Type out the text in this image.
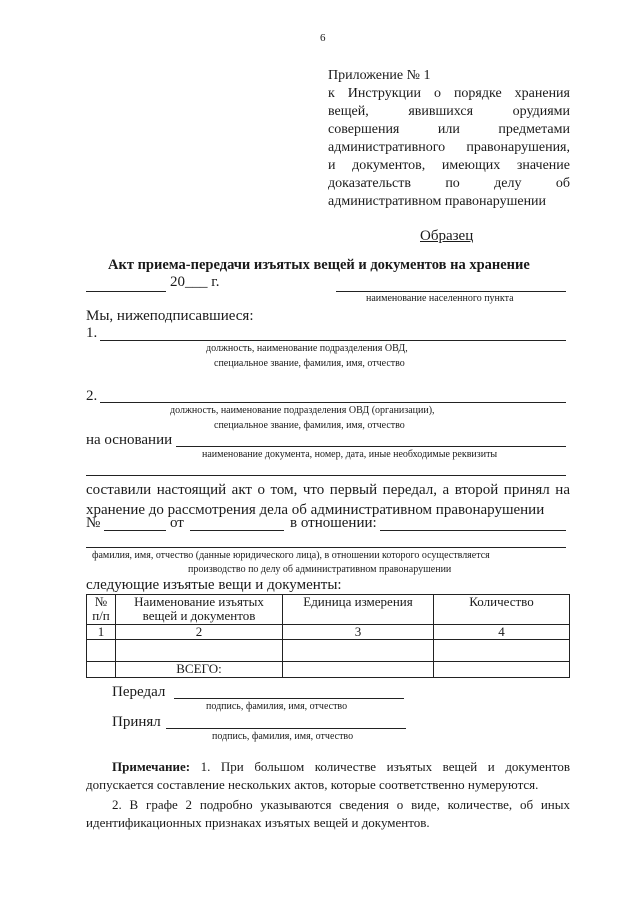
6
Приложение № 1
к Инструкции о порядке хранения
вещей, явившихся орудиями
совершения или предметами
административного правонарушения,
и документов, имеющих значение
доказательств по делу об
административном правонарушении
Образец
Акт приема-передачи изъятых вещей и документов на хранение
20___ г.
наименование населенного пункта
Мы, нижеподписавшиеся:
1.
должность, наименование подразделения ОВД,
специальное звание, фамилия, имя, отчество
2.
должность, наименование подразделения ОВД (организации),
специальное звание, фамилия, имя, отчество
на основании
наименование документа, номер, дата, иные необходимые реквизиты
составили настоящий акт о том, что первый передал, а второй принял на хранение до рассмотрения дела об административном правонарушении
№	от	в отношении:
фамилия, имя, отчество (данные юридического лица), в отношении которого осуществляется
производство по делу об административном правонарушении
следующие изъятые вещи и документы:
№ п/п	Наименование изъятых вещей и документов	Единица измерения	Количество
1	2	3	4

	ВСЕГО:		
Передал
подпись, фамилия, имя, отчество
Принял
подпись, фамилия, имя, отчество
Примечание: 1. При большом количестве изъятых вещей и документов допускается составление нескольких актов, которые соответственно нумеруются.
2. В графе 2 подробно указываются сведения о виде, количестве, об иных идентификационных признаках изъятых вещей и документов.
